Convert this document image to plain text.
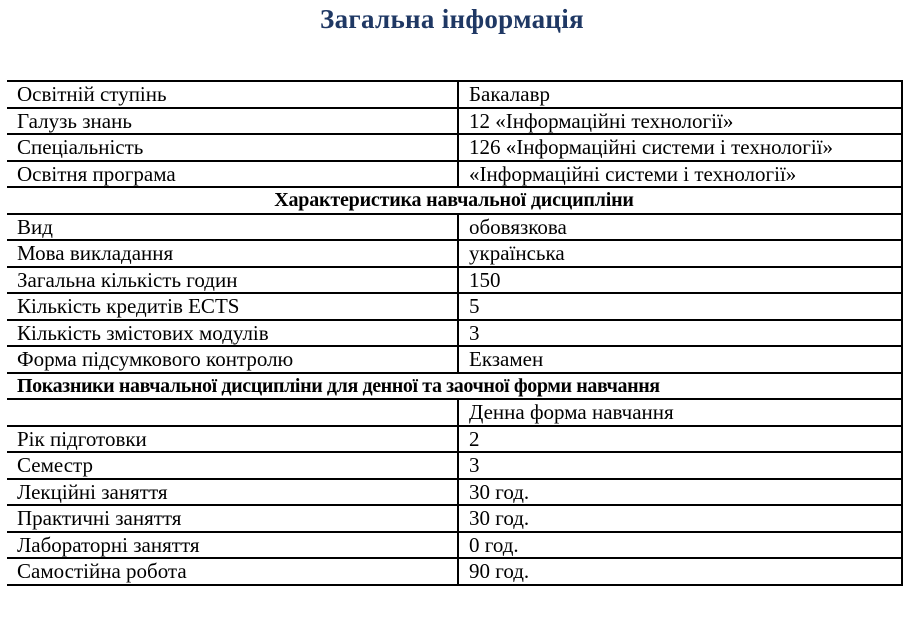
Загальна інформація
Освітній ступінь	Бакалавр
Галузь знань	12 «Інформаційні технології»
Спеціальність	126 «Інформаційні системи і технології»
Освітня програма	«Інформаційні системи і технології»
Характеристика навчальної дисципліни	
Вид	обовязкова
Мова викладання	українська
Загальна кількість годин	150
Кількість кредитів ECTS	5
Кількість змістових модулів	3
Форма підсумкового контролю	Екзамен
Показники навчальної дисципліни для денної та заочної форми навчання	
	Денна форма навчання
Рік підготовки	2
Семестр	3
Лекційні заняття	30 год.
Практичні заняття	30 год.
Лабораторні заняття	0 год.
Самостійна робота	90 год.
